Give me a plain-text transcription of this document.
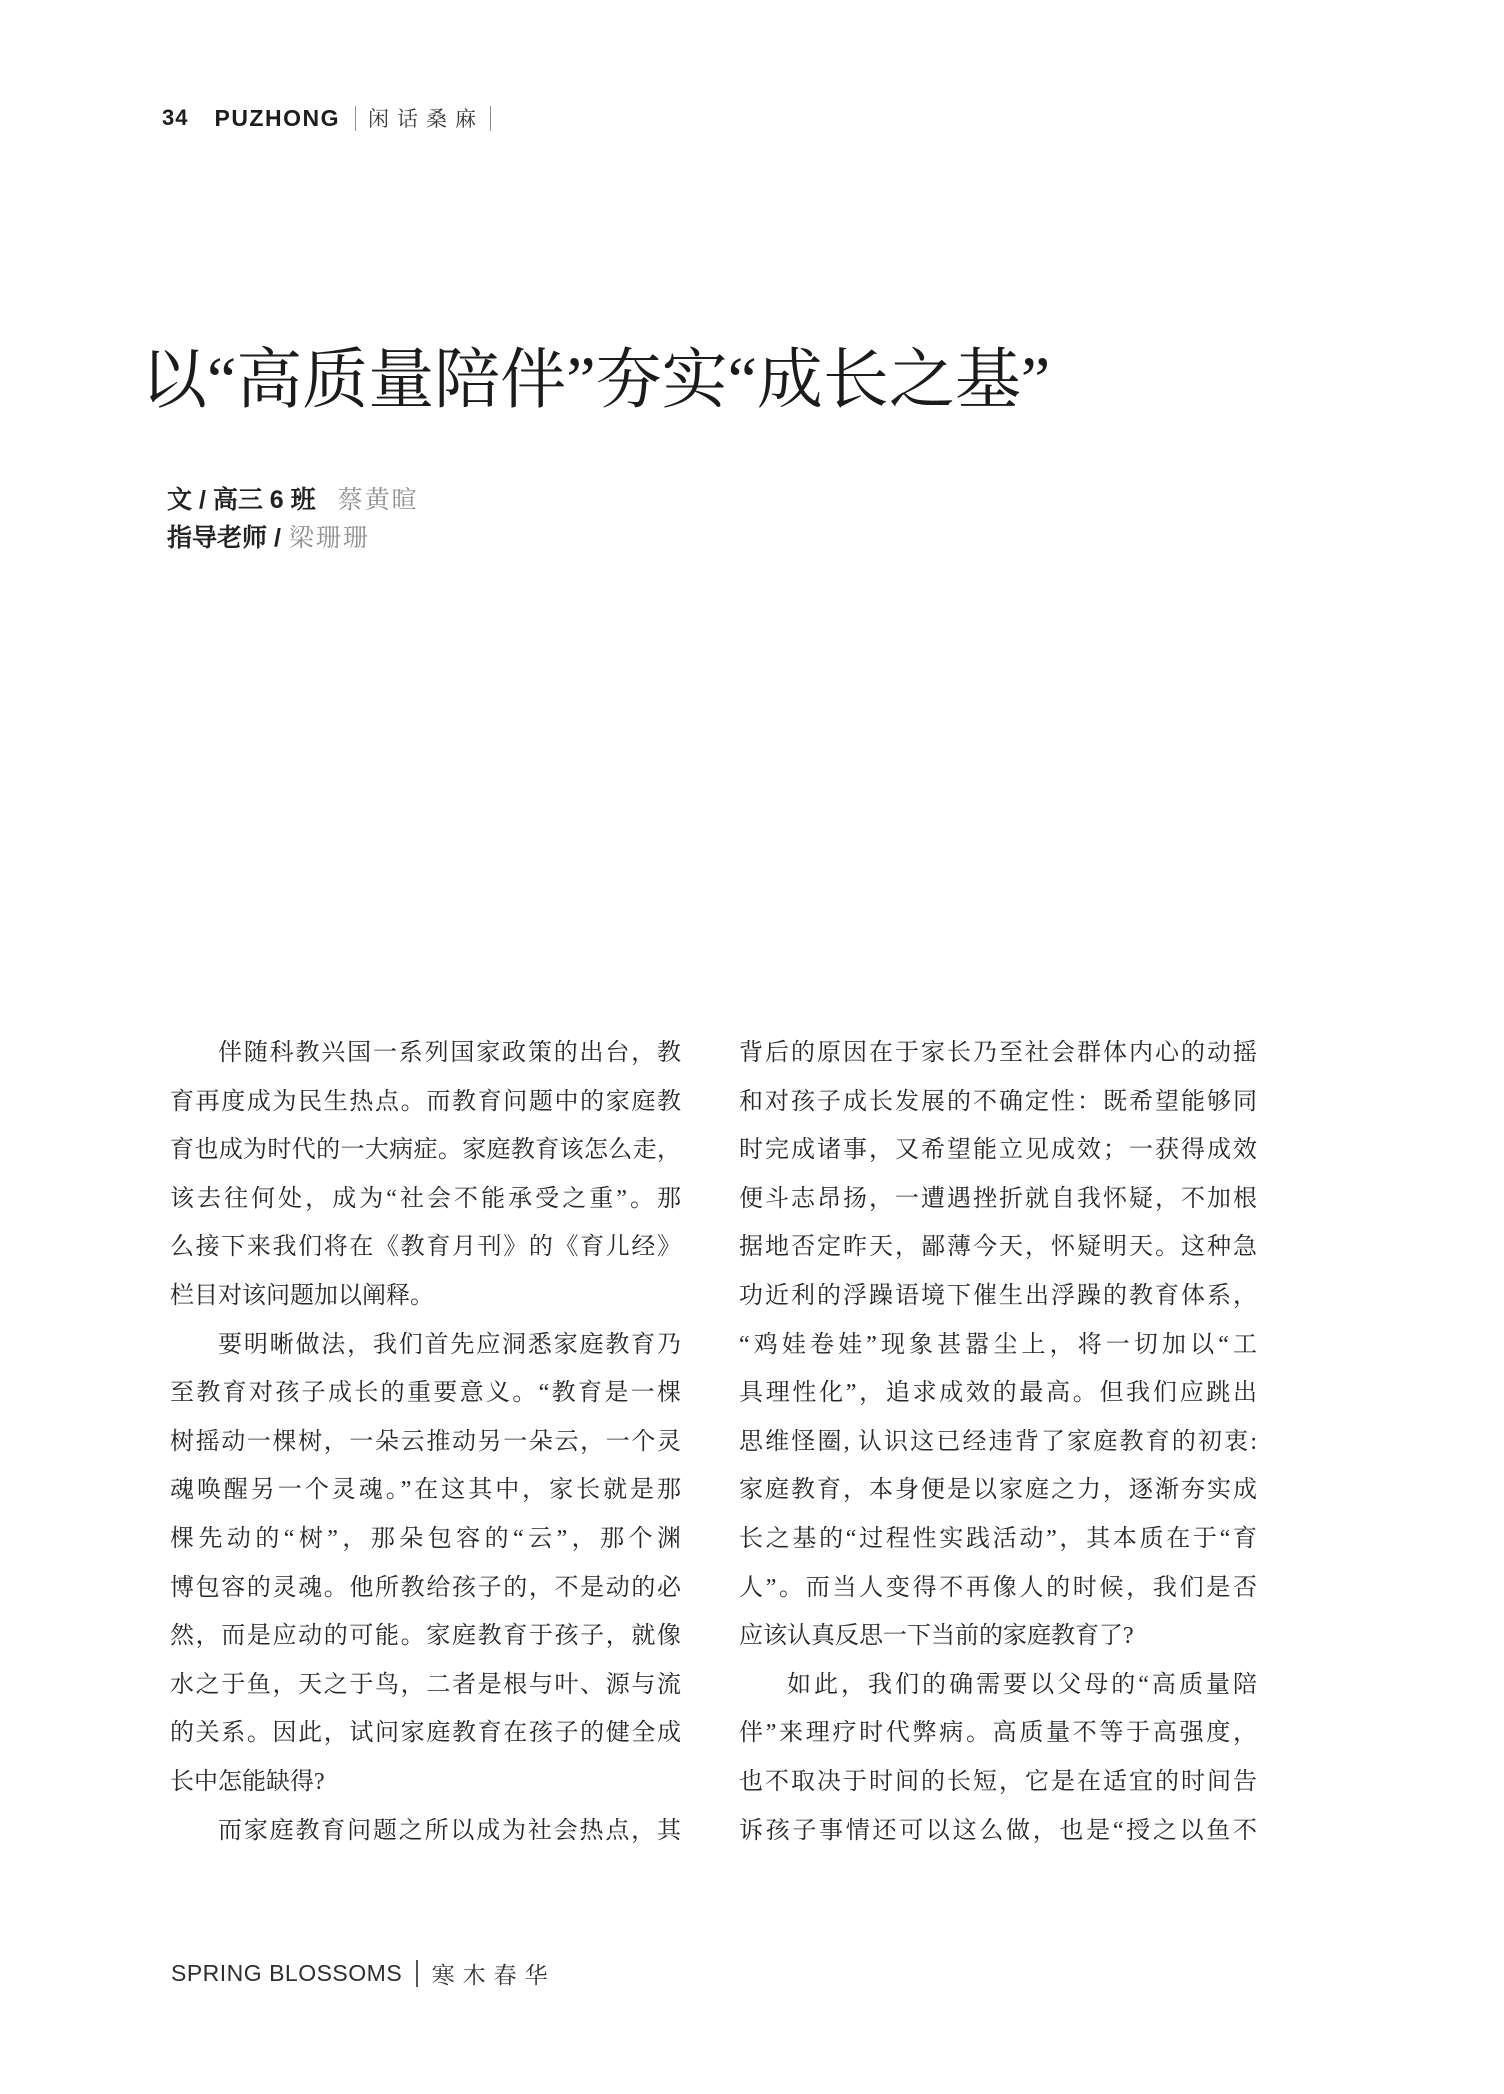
34 PUZHONG 闲话桑麻
以“高质量陪伴”夯实“成长之基”
文 / 高三 6 班 蔡黄暄
指导老师 / 梁珊珊
伴随科教兴国一系列国家政策的出台，教
育再度成为民生热点。而教育问题中的家庭教
育也成为时代的一大病症。家庭教育该怎么走，
该去往何处，成为“社会不能承受之重”。那
么接下来我们将在《教育月刊》的《育儿经》
栏目对该问题加以阐释。
要明晰做法，我们首先应洞悉家庭教育乃
至教育对孩子成长的重要意义。“教育是一棵
树摇动一棵树，一朵云推动另一朵云，一个灵
魂唤醒另一个灵魂。”在这其中，家长就是那
棵先动的“树”，那朵包容的“云”，那个渊
博包容的灵魂。他所教给孩子的，不是动的必
然，而是应动的可能。家庭教育于孩子，就像
水之于鱼，天之于鸟，二者是根与叶、源与流
的关系。因此，试问家庭教育在孩子的健全成
长中怎能缺得?
而家庭教育问题之所以成为社会热点，其
背后的原因在于家长乃至社会群体内心的动摇
和对孩子成长发展的不确定性：既希望能够同
时完成诸事，又希望能立见成效；一获得成效
便斗志昂扬，一遭遇挫折就自我怀疑，不加根
据地否定昨天，鄙薄今天，怀疑明天。这种急
功近利的浮躁语境下催生出浮躁的教育体系，
“鸡娃卷娃”现象甚嚣尘上，将一切加以“工
具理性化”，追求成效的最高。但我们应跳出
思维怪圈, 认识这已经违背了家庭教育的初衷:
家庭教育，本身便是以家庭之力，逐渐夯实成
长之基的“过程性实践活动”，其本质在于“育
人”。而当人变得不再像人的时候，我们是否
应该认真反思一下当前的家庭教育了?
如此，我们的确需要以父母的“高质量陪
伴”来理疗时代弊病。高质量不等于高强度，
也不取决于时间的长短，它是在适宜的时间告
诉孩子事情还可以这么做，也是“授之以鱼不
SPRING BLOSSOMS 寒木春华
